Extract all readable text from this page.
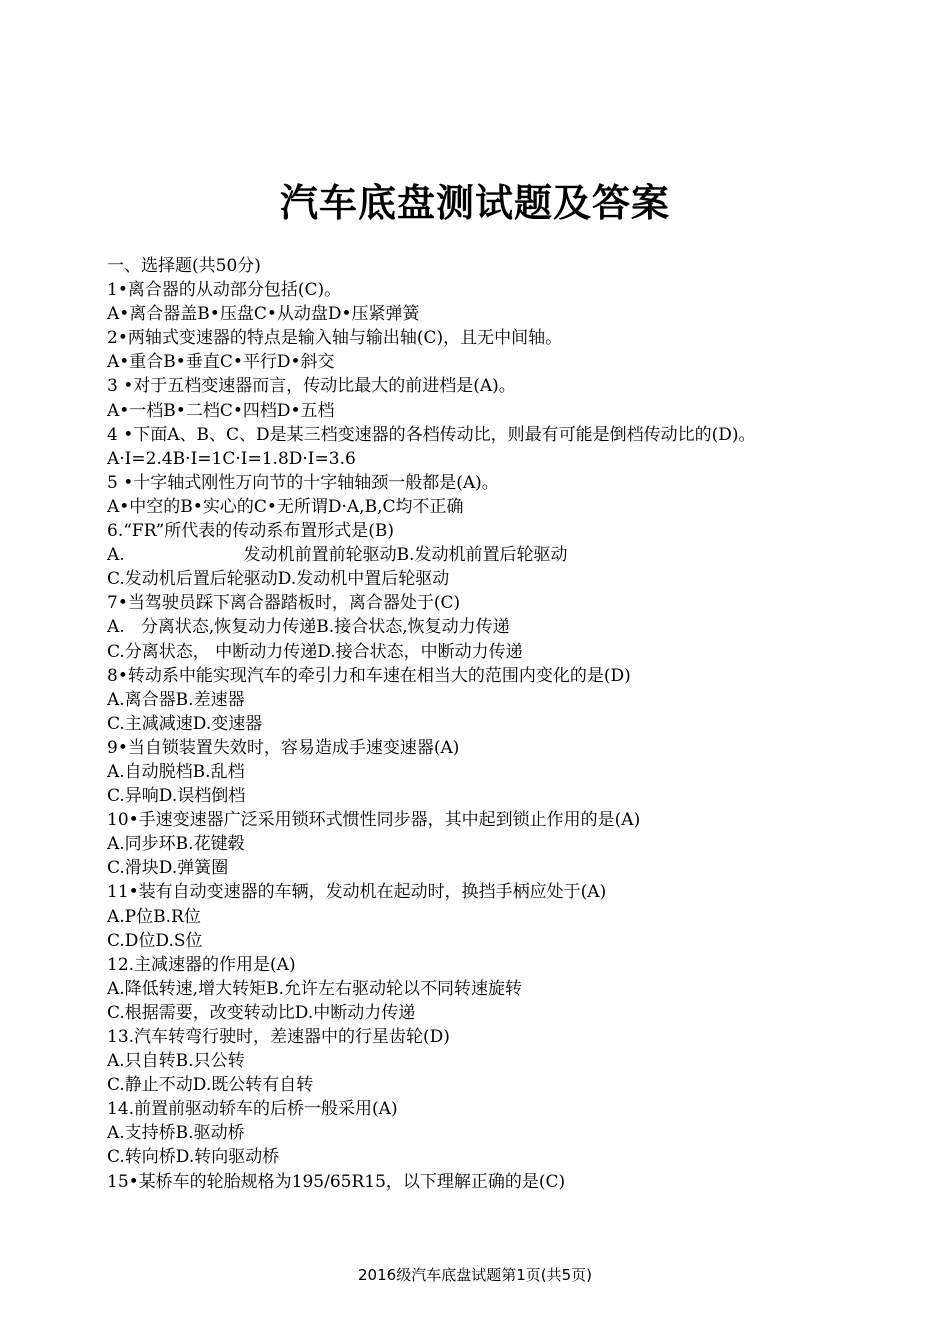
汽车底盘测试题及答案
一、选择题(共50分)
1•离合器的从动部分包括(C)。
A•离合器盖B•压盘C•从动盘D•压紧弹簧
2•两轴式变速器的特点是输入轴与输出轴(C)，且无中间轴。
A•重合B•垂直C•平行D•斜交
3 •对于五档变速器而言，传动比最大的前进档是(A)。
A•一档B•二档C•四档D•五档
4 •下面A、B、C、D是某三档变速器的各档传动比，则最有可能是倒档传动比的(D)。
A·I=2.4B·I=1C·I=1.8D·I=3.6
5 •十字轴式刚性万向节的十字轴轴颈一般都是(A)。
A•中空的B•实心的C•无所谓D·A,B,C均不正确
6.“FR”所代表的传动系布置形式是(B)
A.                      发动机前置前轮驱动B.发动机前置后轮驱动
C.发动机后置后轮驱动D.发动机中置后轮驱动
7•当驾驶员踩下离合器踏板时，离合器处于(C)
A.   分离状态,恢复动力传递B.接合状态,恢复动力传递
C.分离状态， 中断动力传递D.接合状态，中断动力传递
8•转动系中能实现汽车的牵引力和车速在相当大的范围内变化的是(D)
A.离合器B.差速器
C.主减减速D.变速器
9•当自锁装置失效时，容易造成手速变速器(A)
A.自动脱档B.乱档
C.异响D.误档倒档
10•手速变速器广泛采用锁环式惯性同步器，其中起到锁止作用的是(A)
A.同步环B.花键毂
C.滑块D.弹簧圈
11•装有自动变速器的车辆，发动机在起动时，换挡手柄应处于(A)
A.P位B.R位
C.D位D.S位
12.主减速器的作用是(A)
A.降低转速,增大转矩B.允许左右驱动轮以不同转速旋转
C.根据需要，改变转动比D.中断动力传递
13.汽车转弯行驶时，差速器中的行星齿轮(D)
A.只自转B.只公转
C.静止不动D.既公转有自转
14.前置前驱动轿车的后桥一般采用(A)
A.支持桥B.驱动桥
C.转向桥D.转向驱动桥
15•某桥车的轮胎规格为195/65R15，以下理解正确的是(C)
2016级汽车底盘试题第1页(共5页)
